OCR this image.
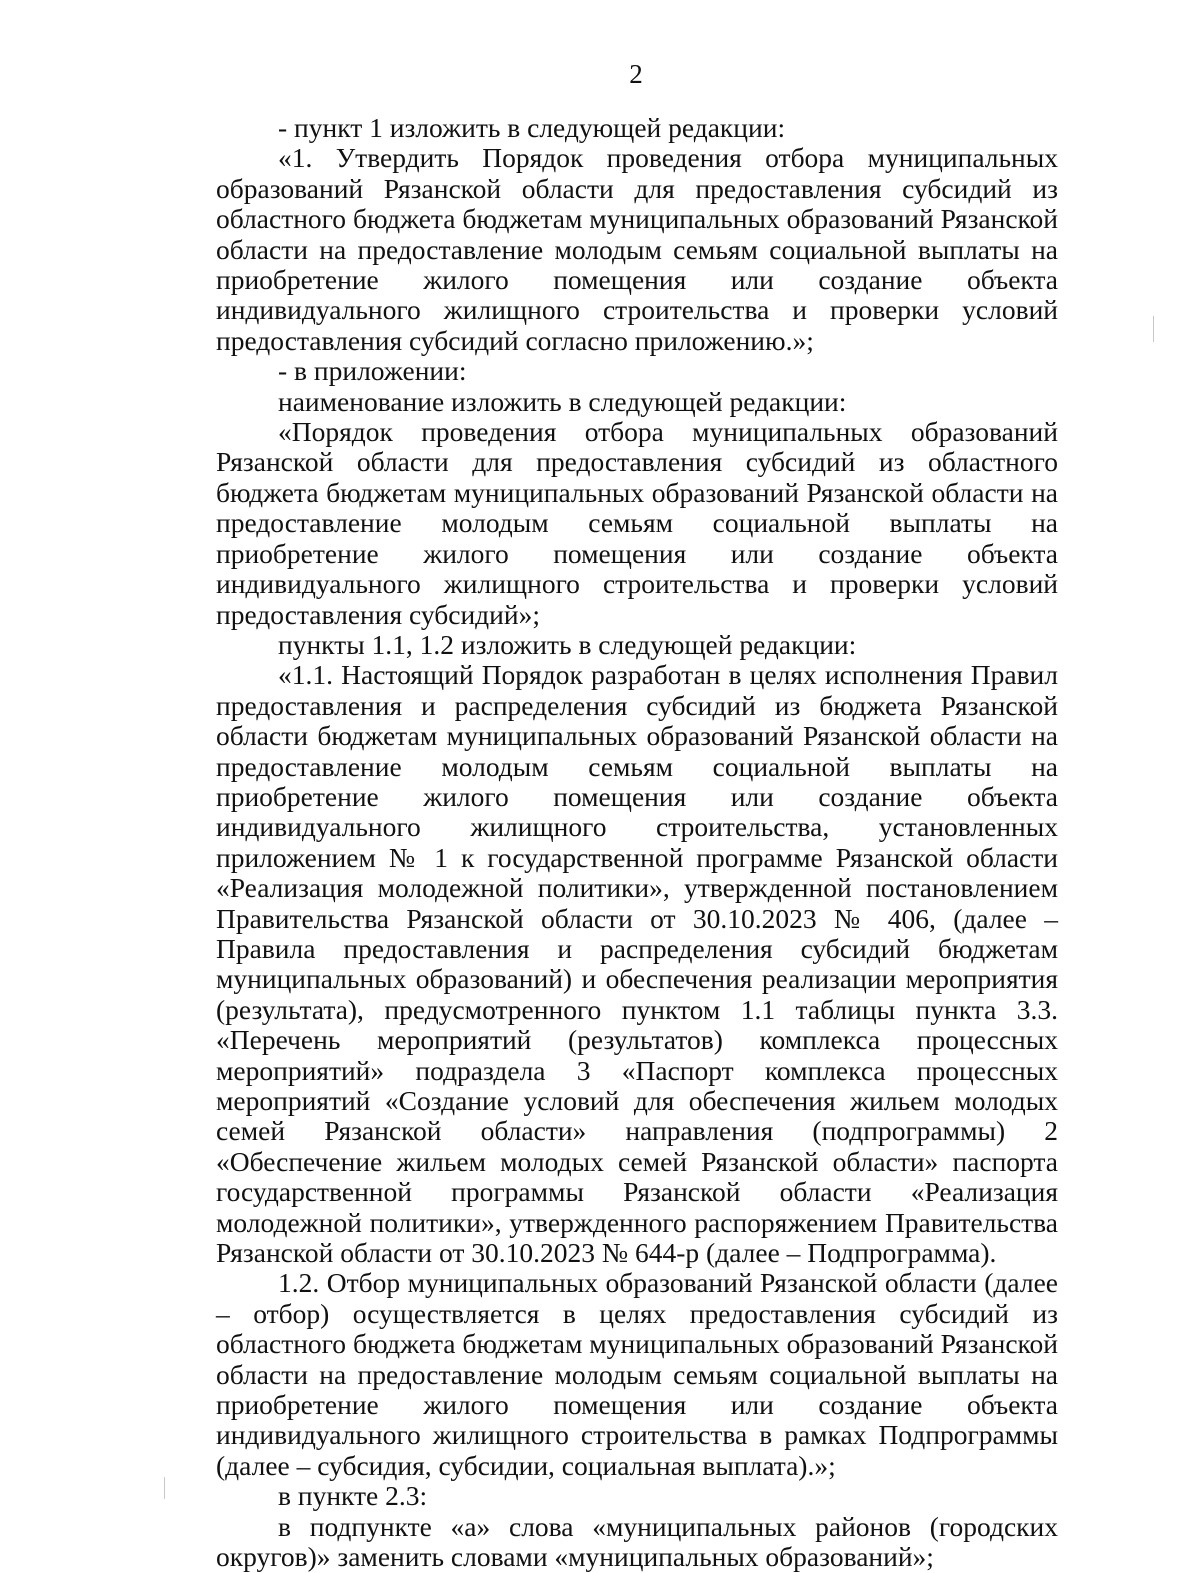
2

- пункт 1 изложить в следующей редакции:

«1. Утвердить Порядок проведения отбора муниципальных образований Рязанской области для предоставления субсидий из областного бюджета бюджетам муниципальных образований Рязанской области на предоставление молодым семьям социальной выплаты на приобретение жилого помещения или создание объекта индивидуального жилищного строительства и проверки условий предоставления субсидий согласно приложению.»;

- в приложении:

наименование изложить в следующей редакции:

«Порядок проведения отбора муниципальных образований Рязанской области для предоставления субсидий из областного бюджета бюджетам муниципальных образований Рязанской области на предоставление молодым семьям социальной выплаты на приобретение жилого помещения или создание объекта индивидуального жилищного строительства и проверки условий предоставления субсидий»;

пункты 1.1, 1.2 изложить в следующей редакции:

«1.1. Настоящий Порядок разработан в целях исполнения Правил предоставления и распределения субсидий из бюджета Рязанской области бюджетам муниципальных образований Рязанской области на предоставление молодым семьям социальной выплаты на приобретение жилого помещения или создание объекта индивидуального жилищного строительства, установленных приложением № 1 к государственной программе Рязанской области «Реализация молодежной политики», утвержденной постановлением Правительства Рязанской области от 30.10.2023 № 406, (далее – Правила предоставления и распределения субсидий бюджетам муниципальных образований) и обеспечения реализации мероприятия (результата), предусмотренного пунктом 1.1 таблицы пункта 3.3. «Перечень мероприятий (результатов) комплекса процессных мероприятий» подраздела 3 «Паспорт комплекса процессных мероприятий «Создание условий для обеспечения жильем молодых семей Рязанской области» направления (подпрограммы) 2 «Обеспечение жильем молодых семей Рязанской области» паспорта государственной программы Рязанской области «Реализация молодежной политики», утвержденного распоряжением Правительства Рязанской области от 30.10.2023 № 644-р (далее – Подпрограмма).

1.2. Отбор муниципальных образований Рязанской области (далее – отбор) осуществляется в целях предоставления субсидий из областного бюджета бюджетам муниципальных образований Рязанской области на предоставление молодым семьям социальной выплаты на приобретение жилого помещения или создание объекта индивидуального жилищного строительства в рамках Подпрограммы (далее – субсидия, субсидии, социальная выплата).»;

в пункте 2.3:

в подпункте «а» слова «муниципальных районов (городских округов)» заменить словами «муниципальных образований»;
